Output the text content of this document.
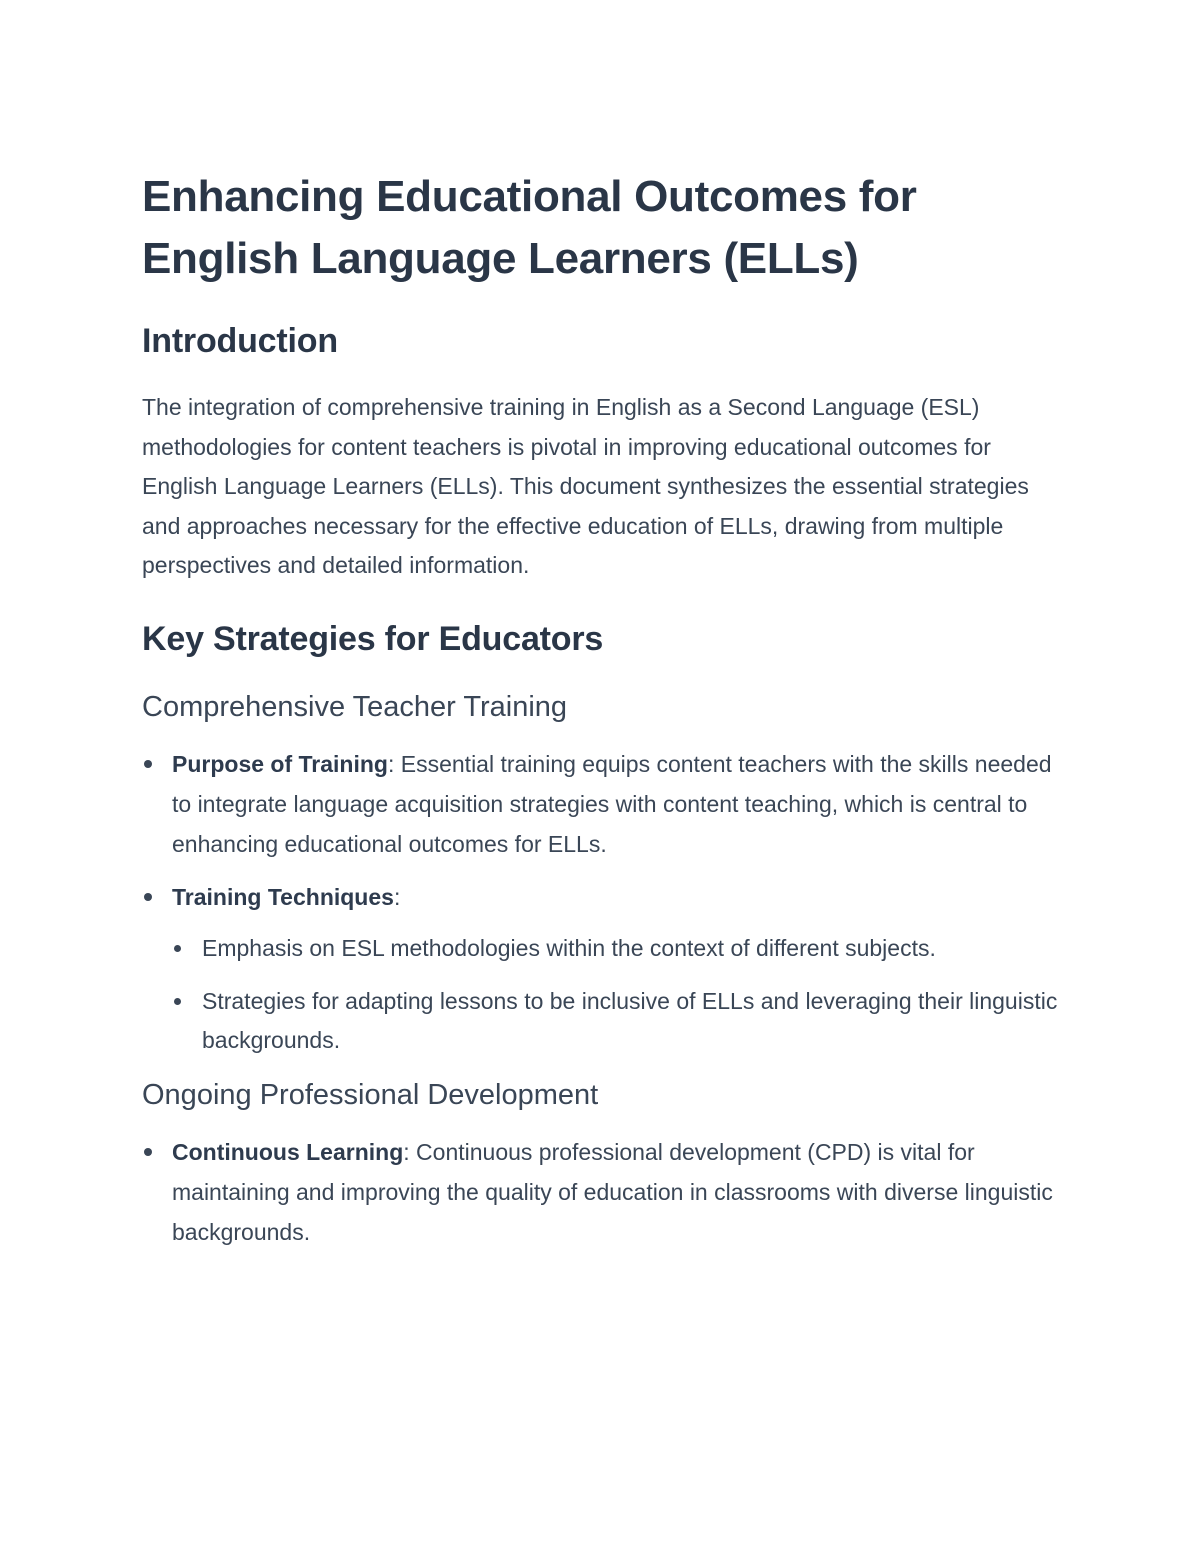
Enhancing Educational Outcomes for English Language Learners (ELLs)
Introduction

The integration of comprehensive training in English as a Second Language (ESL) methodologies for content teachers is pivotal in improving educational outcomes for English Language Learners (ELLs). This document synthesizes the essential strategies and approaches necessary for the effective education of ELLs, drawing from multiple perspectives and detailed information.

Key Strategies for Educators
Comprehensive Teacher Training
Purpose of Training: Essential training equips content teachers with the skills needed to integrate language acquisition strategies with content teaching, which is central to enhancing educational outcomes for ELLs.
Training Techniques:
Emphasis on ESL methodologies within the context of different subjects.
Strategies for adapting lessons to be inclusive of ELLs and leveraging their linguistic backgrounds.
Ongoing Professional Development
Continuous Learning: Continuous professional development (CPD) is vital for maintaining and improving the quality of education in classrooms with diverse linguistic backgrounds.
